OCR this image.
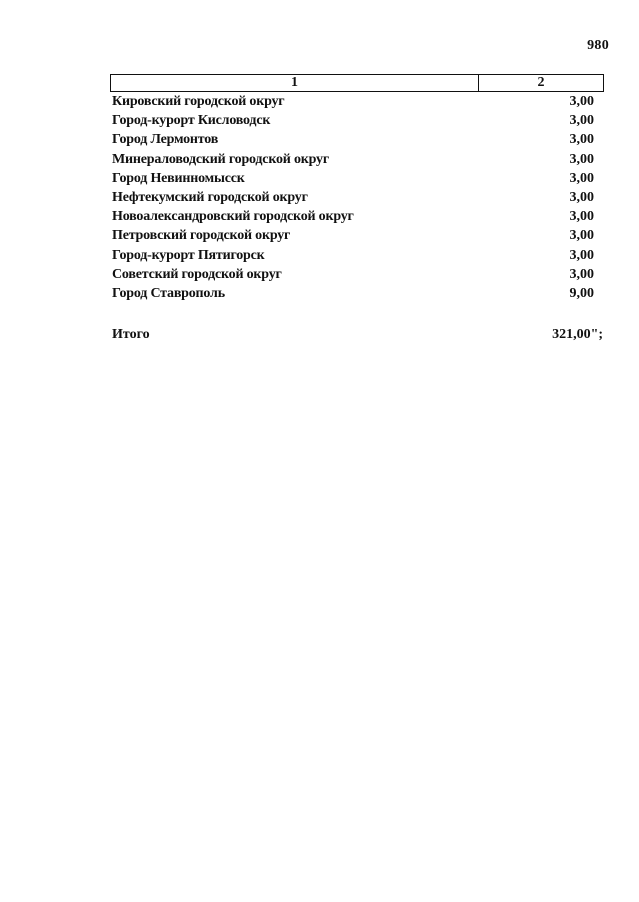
980
1	2
Кировский городской округ	3,00
Город-курорт Кисловодск	3,00
Город Лермонтов	3,00
Минераловодский городской округ	3,00
Город Невинномысск	3,00
Нефтекумский городской округ	3,00
Новоалександровский городской округ	3,00
Петровский городской округ	3,00
Город-курорт Пятигорск	3,00
Советский городской округ	3,00
Город Ставрополь	9,00
Итого	321,00";
